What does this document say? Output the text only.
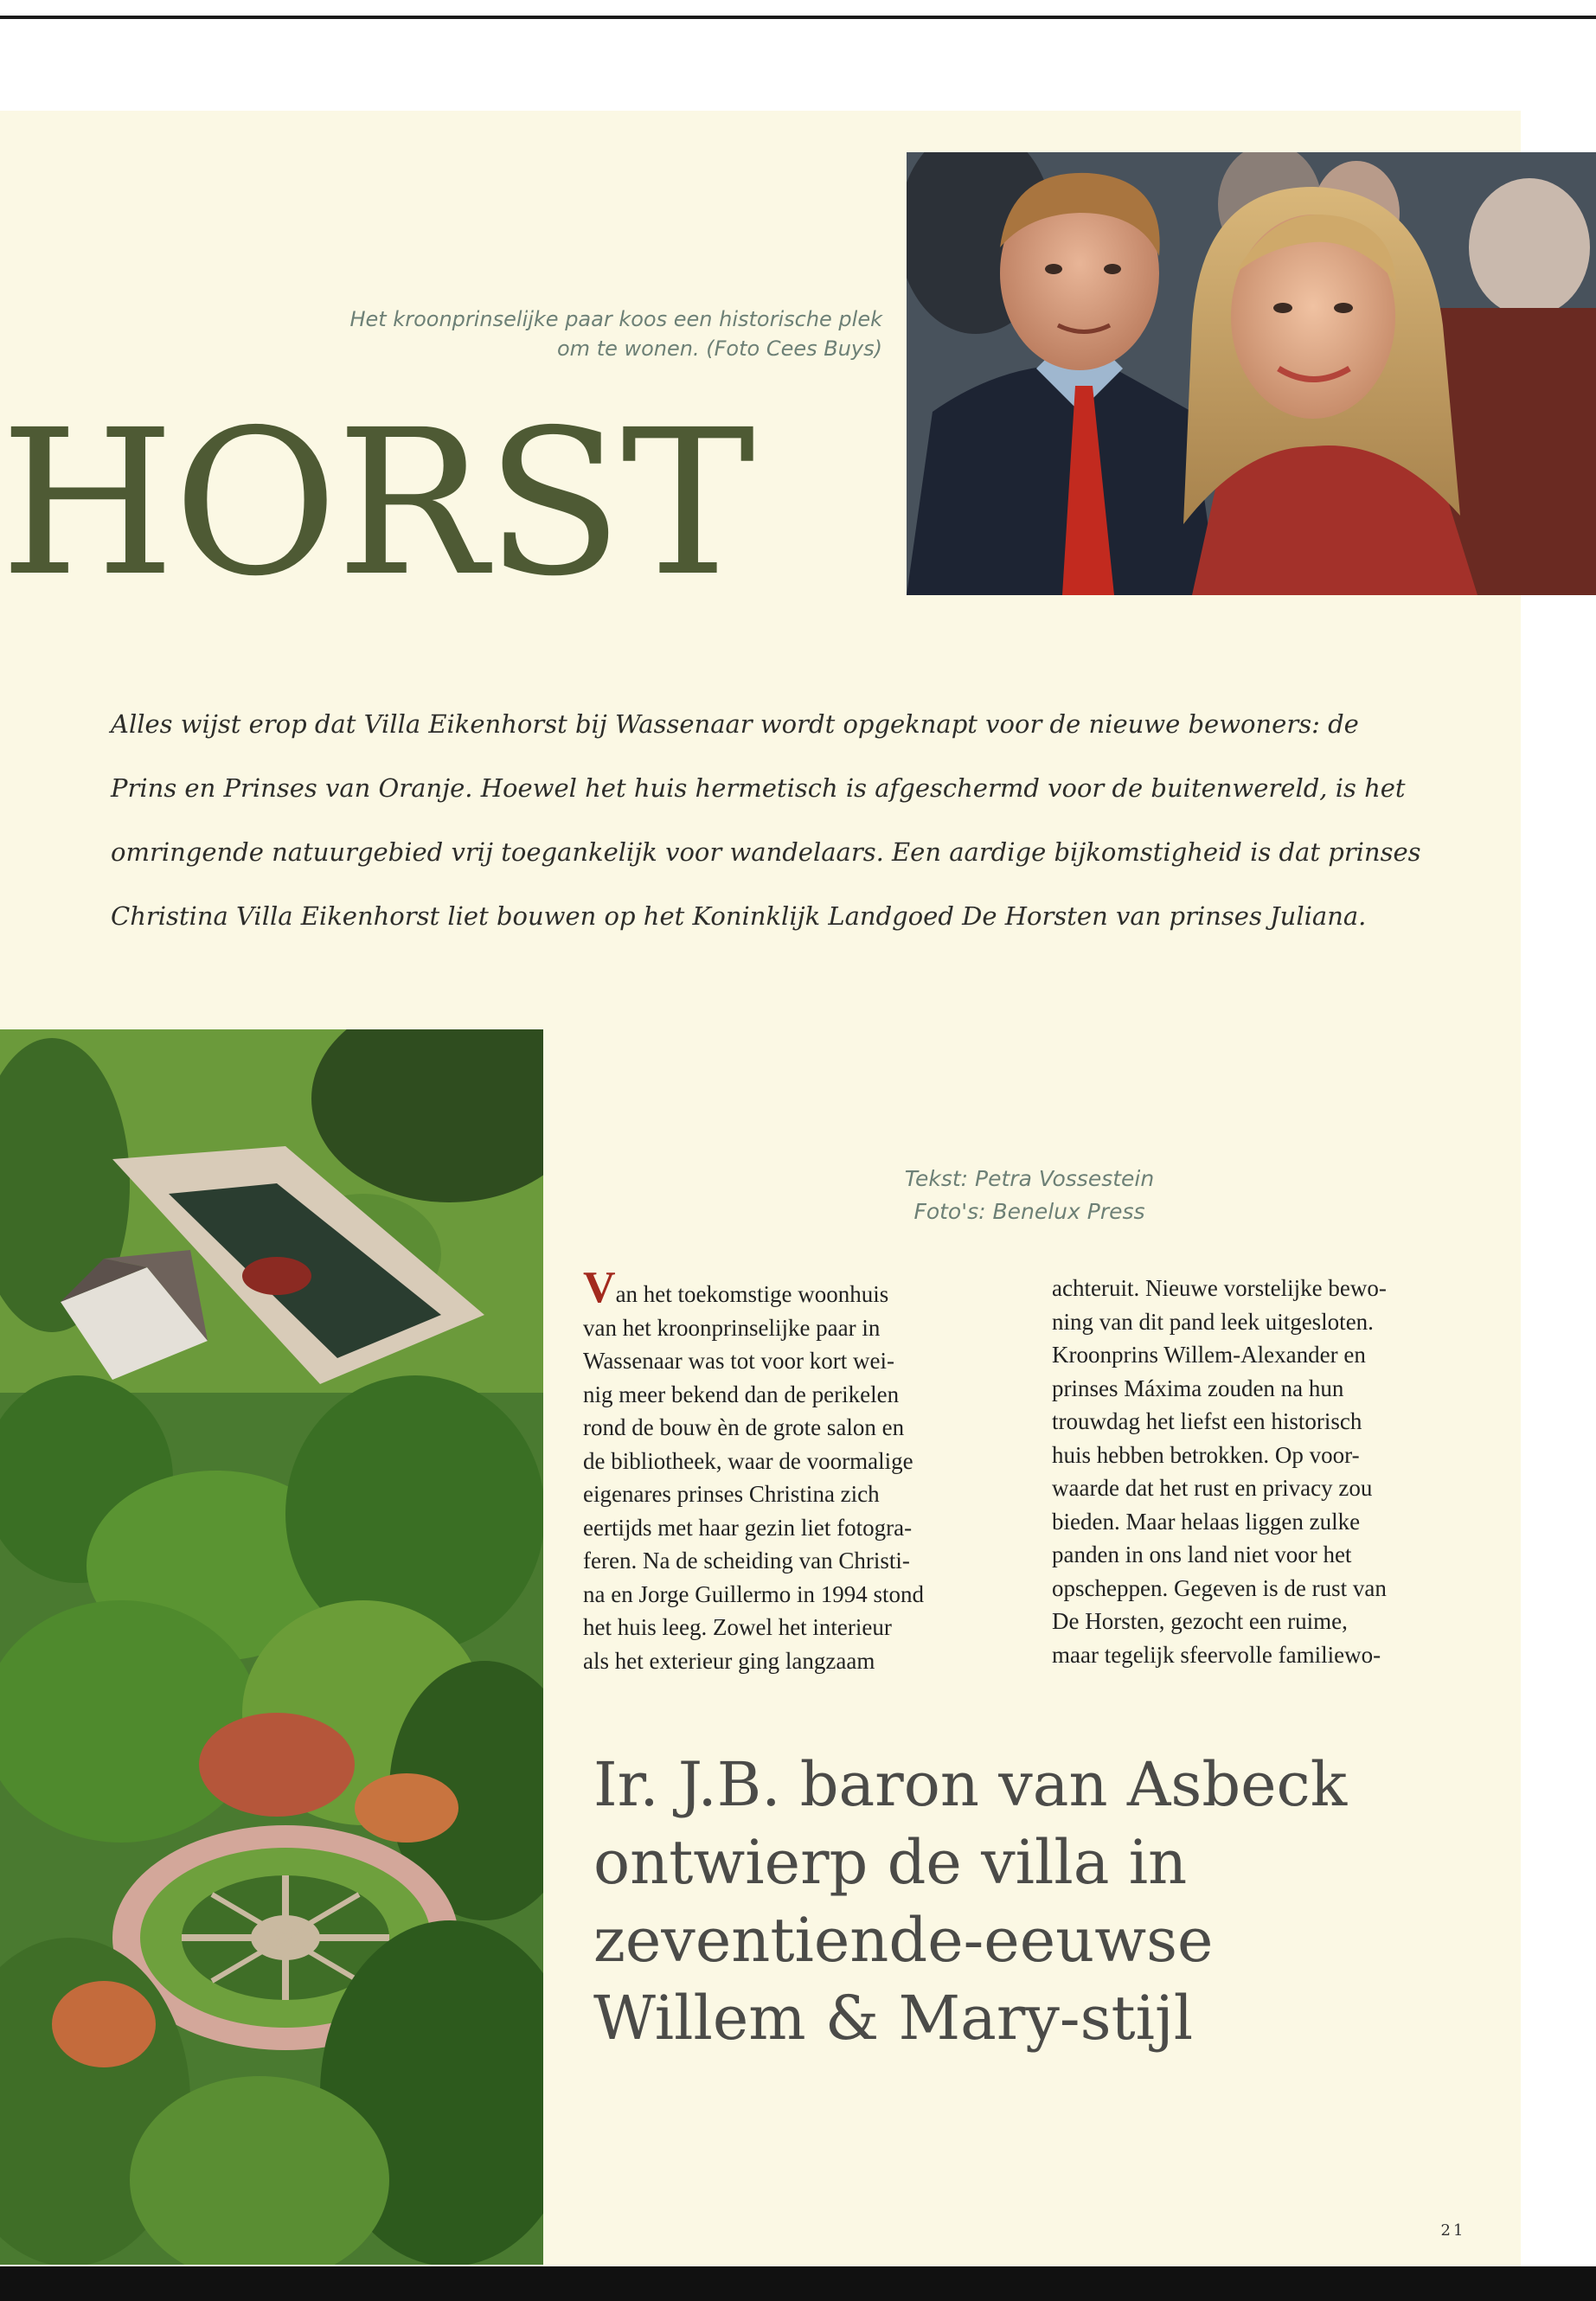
Het kroonprinselijke paar koos een historische plek
om te wonen. (Foto Cees Buys)
HORST
Alles wijst erop dat Villa Eikenhorst bij Wassenaar wordt opgeknapt voor de nieuwe bewoners: de
Prins en Prinses van Oranje. Hoewel het huis hermetisch is afgeschermd voor de buitenwereld, is het
omringende natuurgebied vrij toegankelijk voor wandelaars. Een aardige bijkomstigheid is dat prinses
Christina Villa Eikenhorst liet bouwen op het Koninklijk Landgoed De Horsten van prinses Juliana.
Tekst: Petra Vossestein
Foto's: Benelux Press
Van het toekomstige woonhuis
van het kroonprinselijke paar in
Wassenaar was tot voor kort wei-
nig meer bekend dan de perikelen
rond de bouw èn de grote salon en
de bibliotheek, waar de voormalige
eigenares prinses Christina zich
eertijds met haar gezin liet fotogra-
feren. Na de scheiding van Christi-
na en Jorge Guillermo in 1994 stond
het huis leeg. Zowel het interieur
als het exterieur ging langzaam
achteruit. Nieuwe vorstelijke bewo-
ning van dit pand leek uitgesloten.
Kroonprins Willem-Alexander en
prinses Máxima zouden na hun
trouwdag het liefst een historisch
huis hebben betrokken. Op voor-
waarde dat het rust en privacy zou
bieden. Maar helaas liggen zulke
panden in ons land niet voor het
opscheppen. Gegeven is de rust van
De Horsten, gezocht een ruime,
maar tegelijk sfeervolle familiewo-
Ir. J.B. baron van Asbeck
ontwierp de villa in
zeventiende-eeuwse
Willem & Mary-stijl
21
